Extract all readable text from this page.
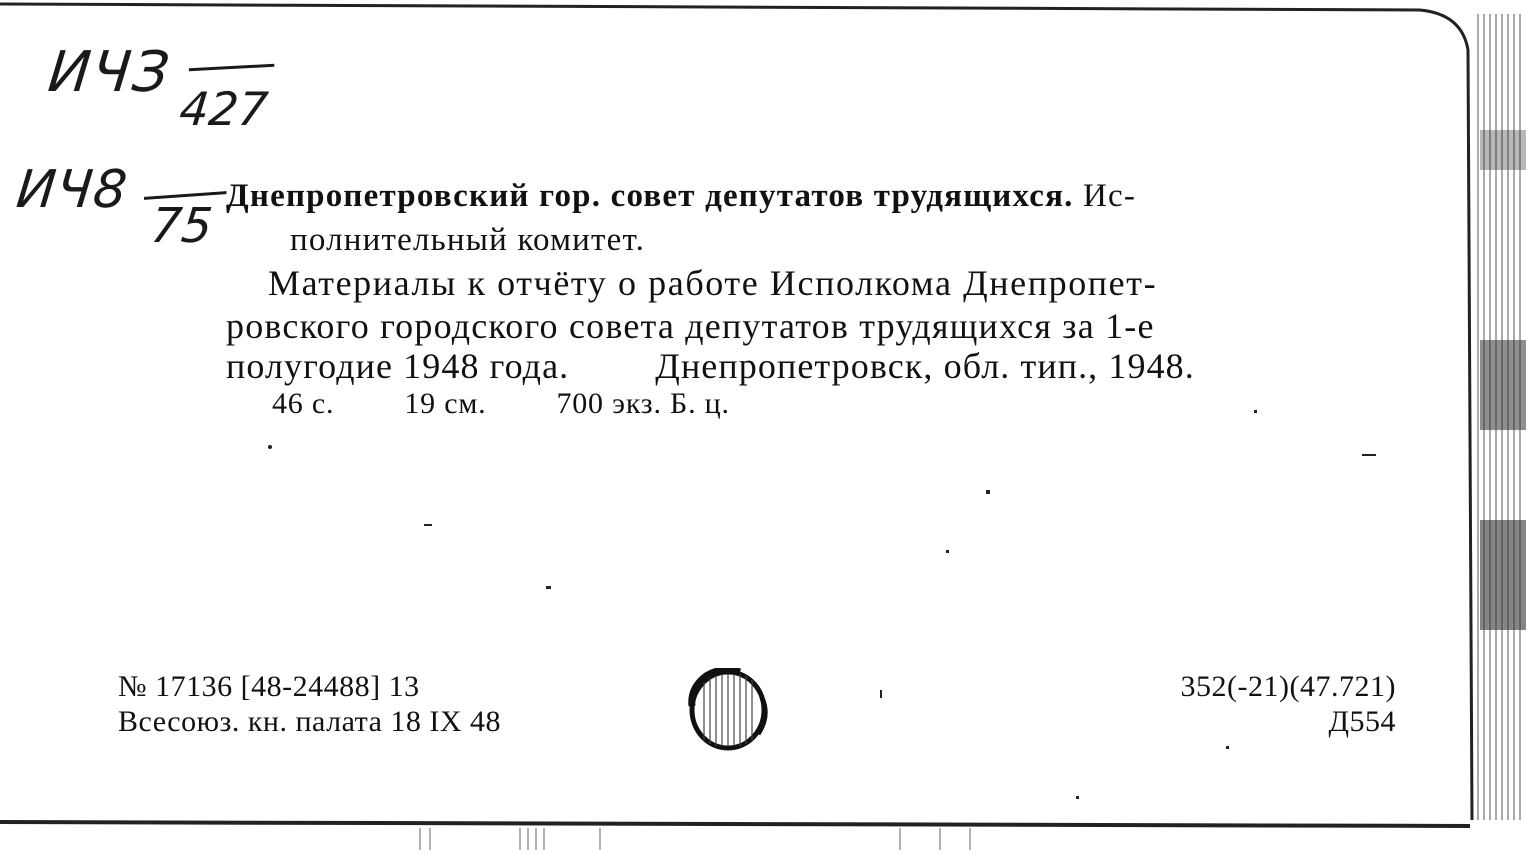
ИЧЗ
427
ИЧ8
75
Днепропетровский гор. совет депутатов трудящихся. Ис-
полнительный комитет.
Материалы к отчёту о работе Исполкома Днепропет-
ровского городского совета депутатов трудящихся за 1-е
полугодие 1948 года. Днепропетровск, обл. тип., 1948.
46 с. 19 см. 700 экз. Б. ц.
№ 17136 [48-24488] 13
Всесоюз. кн. палата 18 IX 48
352(-21)(47.721)
Д554
